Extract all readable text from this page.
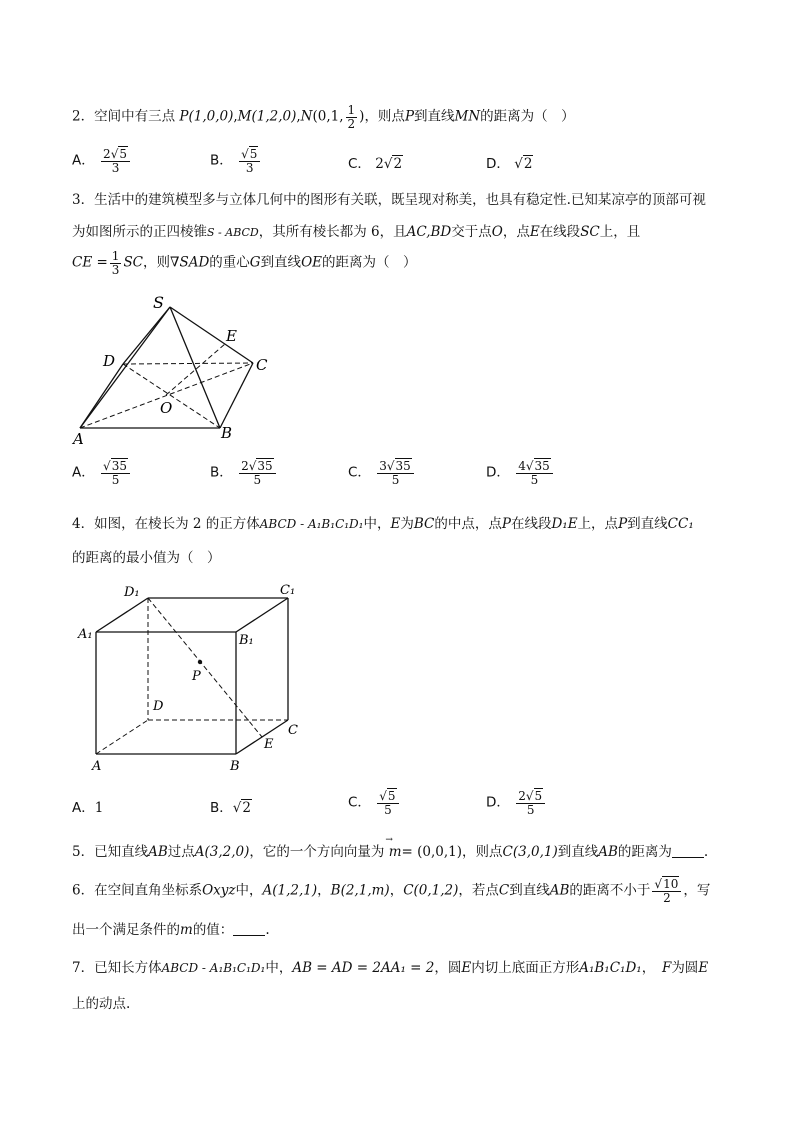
2．空间中有三点 P(1,0,0),M(1,2,0),N(0,1, $\frac{1}{2}$ )，则点P到直线MN的距离为（　）
A． $\frac{2√5}{3}$	B． $\frac{√5}{3}$	C． 2√2	D． √2
3．生活中的建筑模型多与立体几何中的图形有关联，既呈现对称美，也具有稳定性.已知某凉亭的顶部可视
为如图所示的正四棱锥S - ABCD，其所有棱长都为 6，且AC,BD交于点O，点E在线段SC上，且
CE = $\frac{1}{3}$ SC，则∇SAD的重心G到直线OE的距离为（　）
S
E
D	C
O
A	B
A． $\frac{√35}{5}$	B． $\frac{2√35}{5}$	C． $\frac{3√35}{5}$	D． $\frac{4√35}{5}$
4．如图，在棱长为 2 的正方体ABCD - A₁B₁C₁D₁中，E为BC的中点，点P在线段D₁E上，点P到直线CC₁
的距离的最小值为（　）
D₁	C₁
A₁	B₁
P
D
C
E
A	B
A．1	B．√2	C． $\frac{√5}{5}$	D． $\frac{2√5}{5}$
5．已知直线AB过点A(3,2,0)，它的一个方向向量为
→
m= (0,0,1)，则点C(3,0,1)到直线AB的距离为 .
6．在空间直角坐标系Oxyz中，A(1,2,1)，B(2,1,m)，C(0,1,2)，若点C到直线AB的距离不小于 $\frac{√10}{2}$ ，写
出一个满足条件的m的值： .
7．已知长方体ABCD - A₁B₁C₁D₁中，AB = AD = 2AA₁ = 2，圆E内切上底面正方形A₁B₁C₁D₁，　F为圆E
上的动点.
